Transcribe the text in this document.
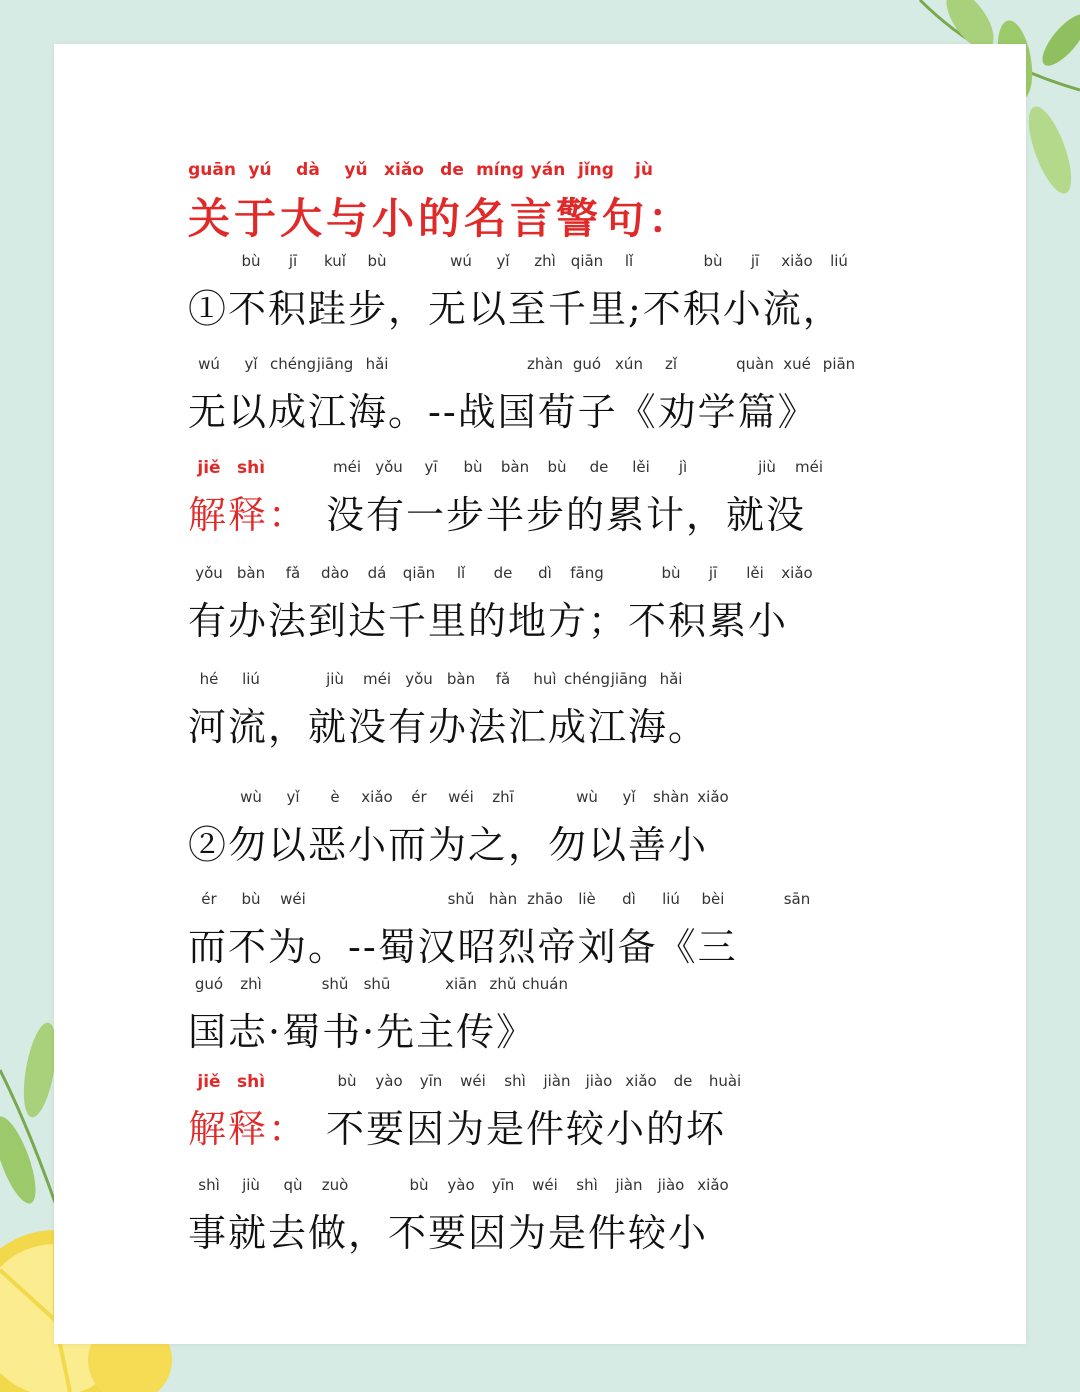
关于大与小的名言警句：
guān yú dà yǔ xiǎo de míng yán jǐng jù
①不积跬步，无以至千里;不积小流，
bù jī kuǐ bù	wú yǐ zhì qiān lǐ	bù jī xiǎo liú
无以成江海。--战国荀子《劝学篇》
wú yǐ chéng jiāng hǎi	zhàn guó xún zǐ	quàn xué piān
解释：
jiě shì
没有一步半步的累计，就没
méi yǒu yī bù bàn bù de lěi jì	jiù méi
有办法到达千里的地方；不积累小
yǒu bàn fǎ dào dá qiān lǐ de dì fāng	bù jī lěi xiǎo
河流，就没有办法汇成江海。
hé liú	jiù méi yǒu bàn fǎ huì chéng jiāng hǎi
②勿以恶小而为之，勿以善小
wù yǐ è xiǎo ér wéi zhī	wù yǐ shàn xiǎo
而不为。--蜀汉昭烈帝刘备《三
ér bù wéi	shǔ hàn zhāo liè dì liú bèi	sān
国志·蜀书·先主传》
guó zhì	shǔ shū	xiān zhǔ chuán
解释：
jiě shì
不要因为是件较小的坏
bù yào yīn wéi shì jiàn jiào xiǎo de huài
事就去做，不要因为是件较小
shì jiù qù zuò	bù yào yīn wéi shì jiàn jiào xiǎo
